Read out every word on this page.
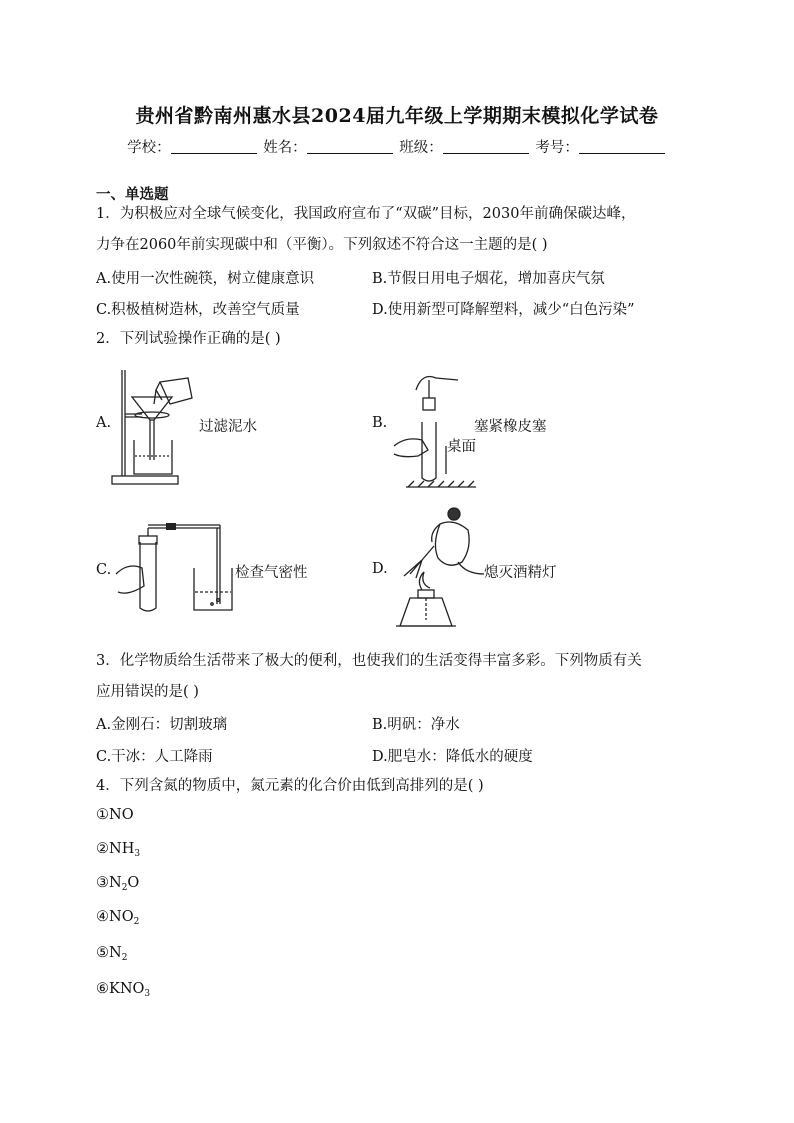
贵州省黔南州惠水县2024届九年级上学期期末模拟化学试卷
学校：	姓名：	班级：	考号：
一、单选题
1．为积极应对全球气候变化，我国政府宣布了“双碳”目标，2030年前确保碳达峰，
力争在2060年前实现碳中和（平衡）。下列叙述不符合这一主题的是( )
A.使用一次性碗筷，树立健康意识	B.节假日用电子烟花，增加喜庆气氛
C.积极植树造林，改善空气质量	D.使用新型可降解塑料，减少“白色污染”
2．下列试验操作正确的是( )
A.	过滤泥水	B.	塞紧橡皮塞
桌面
C.	检查气密性	D.	熄灭酒精灯
3．化学物质给生活带来了极大的便利，也使我们的生活变得丰富多彩。下列物质有关
应用错误的是( )
A.金刚石：切割玻璃	B.明矾：净水
C.干冰：人工降雨	D.肥皂水：降低水的硬度
4．下列含氮的物质中，氮元素的化合价由低到高排列的是( )
①NO
$②NH_3$
$③N_2O$
$④NO_2$
$⑤N_2$
$⑥KNO_3$
